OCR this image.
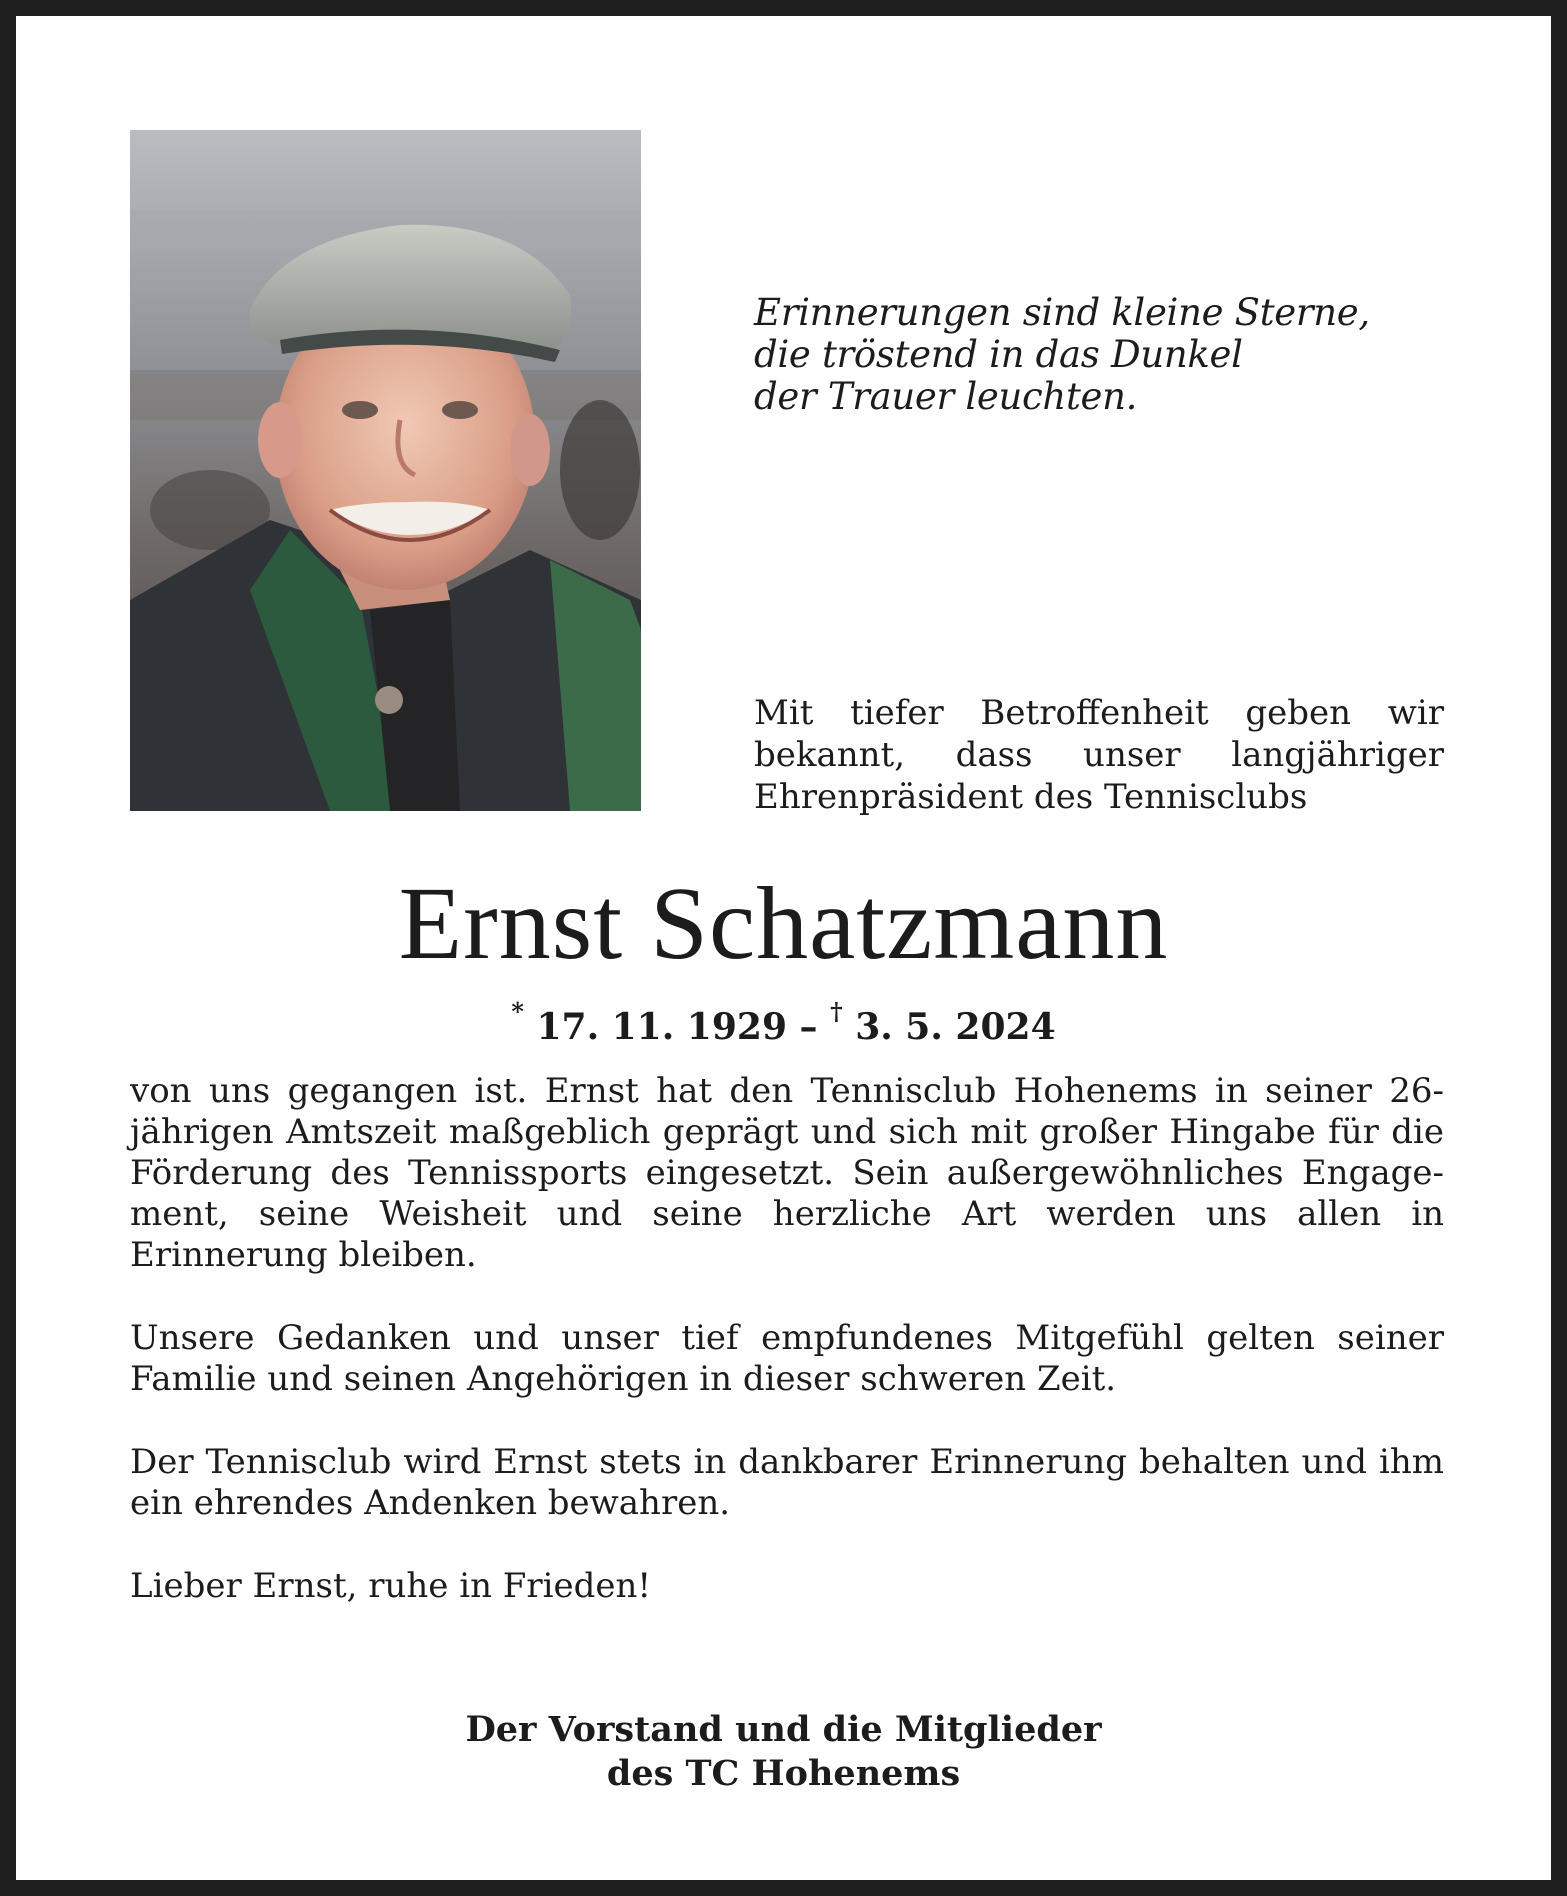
Erinnerungen sind kleine Sterne,
die tröstend in das Dunkel
der Trauer leuchten.
Mit tiefer Betroffenheit geben wir bekannt, dass unser langjähriger Ehrenpräsident des Tennisclubs
Ernst Schatzmann
* 17. 11. 1929 – † 3. 5. 2024

von uns gegangen ist. Ernst hat den Tennisclub Hohenems in seiner 26-jährigen Amtszeit maßgeblich geprägt und sich mit großer Hingabe für die Förderung des Tennissports eingesetzt. Sein außergewöhnliches Engagement, seine Weisheit und seine herzliche Art werden uns allen in Erinnerung bleiben.

Unsere Gedanken und unser tief empfundenes Mitgefühl gelten seiner Familie und seinen Angehörigen in dieser schweren Zeit.

Der Tennisclub wird Ernst stets in dankbarer Erinnerung behalten und ihm ein ehrendes Andenken bewahren.

Lieber Ernst, ruhe in Frieden!

Der Vorstand und die Mitglieder
des TC Hohenems
